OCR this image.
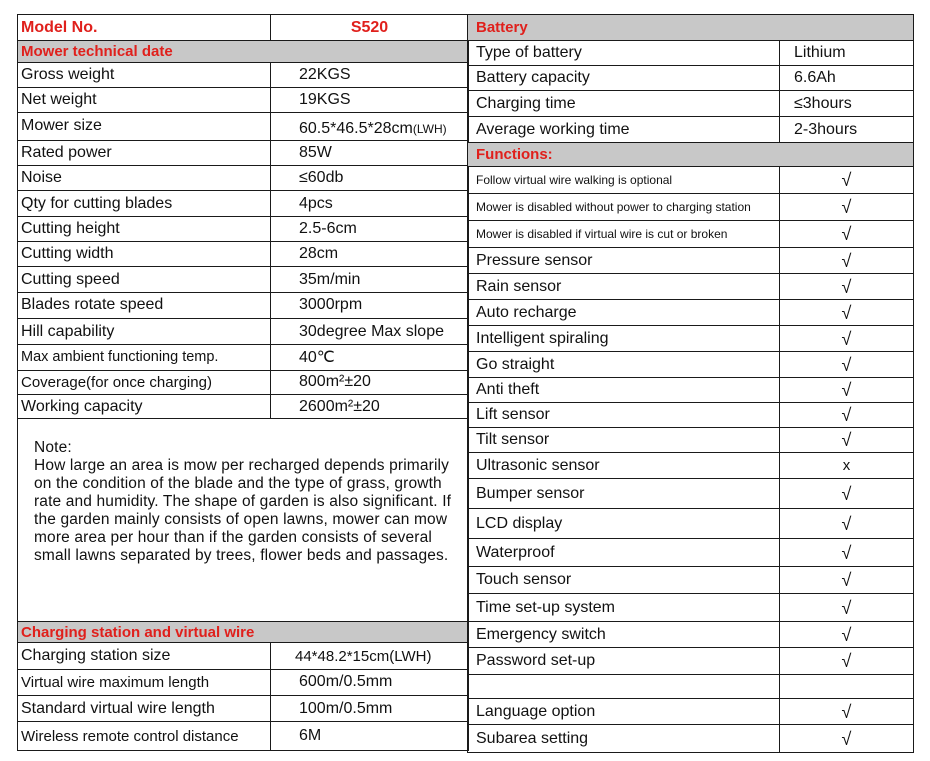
Model No.	S520
Mower technical date	
Gross weight	22KGS
Net weight	19KGS
Mower size	60.5*46.5*28cm(LWH)
Rated power	85W
Noise	≤60db
Qty for cutting blades	4pcs
Cutting height	2.5-6cm
Cutting width	28cm
Cutting speed	35m/min
Blades rotate speed	3000rpm
Hill capability	30degree Max slope
Max ambient functioning temp.	40℃
Coverage(for once charging)	800m²±20
Working capacity	2600m²±20

Note:
How large an area is mow per recharged depends primarily on the condition of the blade and the type of grass, growth rate and humidity. The shape of garden is also significant. If the garden mainly consists of open lawns, mower can mow more area per hour than if the garden consists of several small lawns separated by trees, flower beds and passages.	

Charging station and virtual wire	
Charging station size	44*48.2*15cm(LWH)
Virtual wire maximum length	600m/0.5mm
Standard virtual wire length	100m/0.5mm
Wireless remote control distance	6M
Battery	
Type of battery	Lithium
Battery capacity	6.6Ah
Charging time	≤3hours
Average working time	2-3hours
Functions:	
Follow virtual wire walking is optional	√
Mower is disabled without power to charging station	√
Mower is disabled if virtual wire is cut or broken	√
Pressure sensor	√
Rain sensor	√
Auto recharge	√
Intelligent spiraling	√
Go straight	√
Anti theft	√
Lift sensor	√
Tilt sensor	√
Ultrasonic sensor	x
Bumper sensor	√
LCD display	√
Waterproof	√
Touch sensor	√
Time set-up system	√
Emergency switch	√
Password set-up	√

Language option	√
Subarea setting	√
